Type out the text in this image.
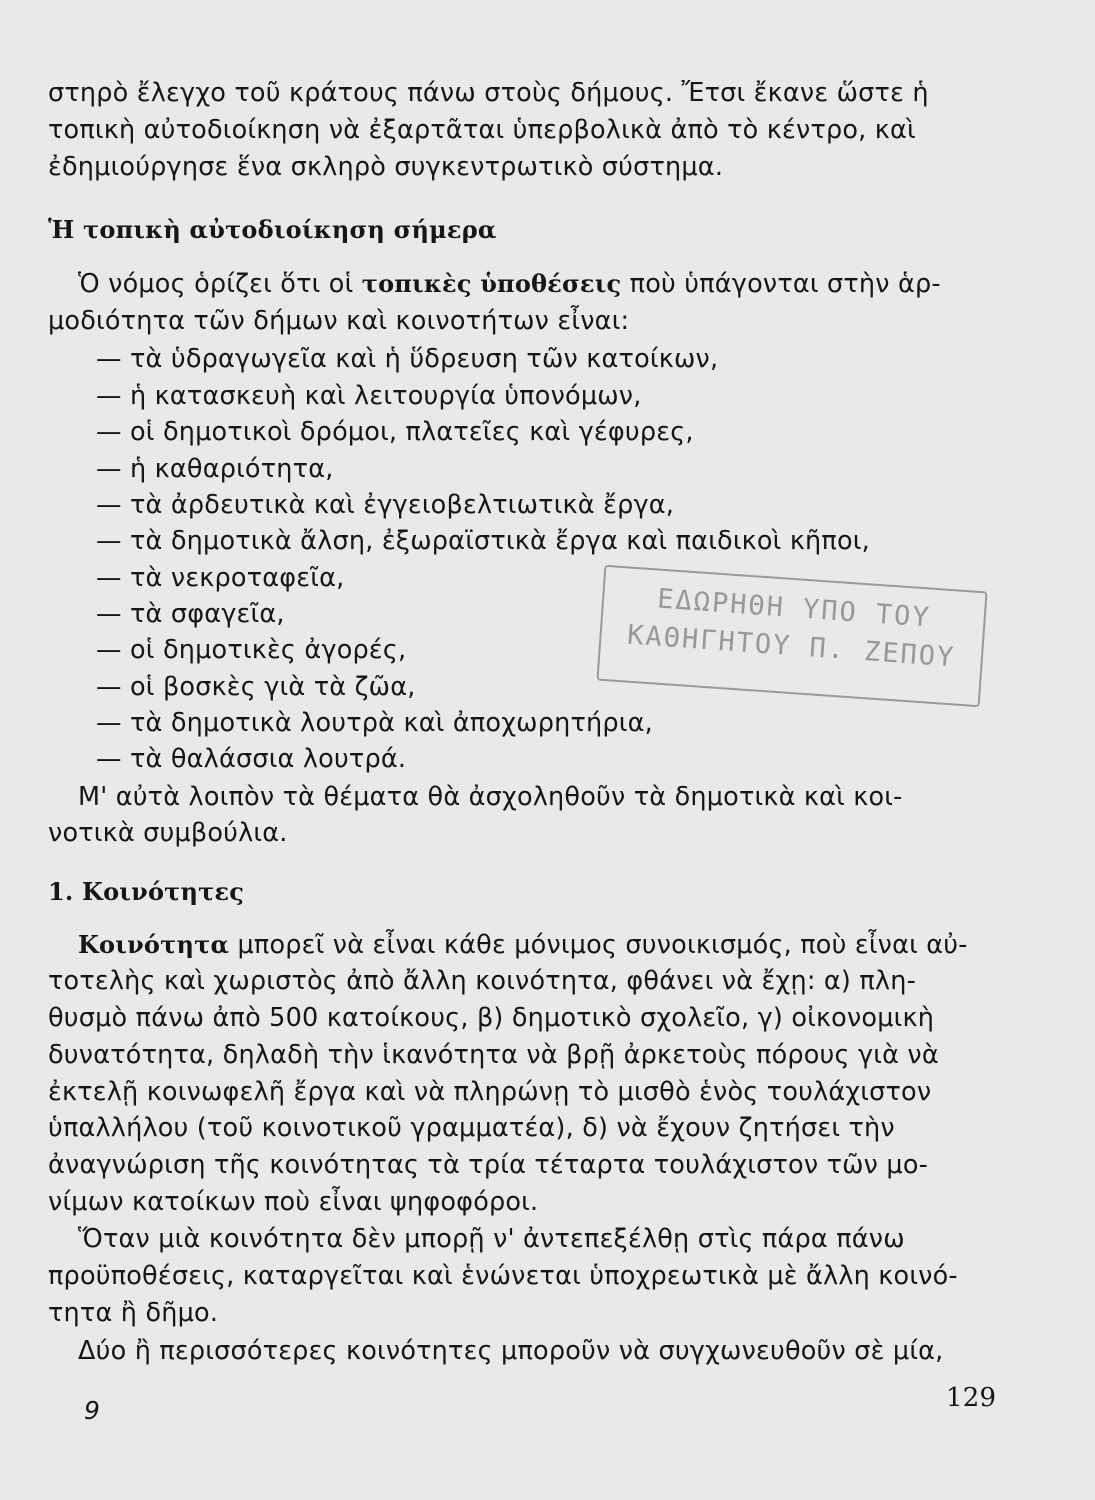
στηρὸ ἔλεγχο τοῦ κράτους πάνω στοὺς δήμους. Ἔτσι ἔκανε ὥστε ἡ
τοπικὴ αὐτοδιοίκηση νὰ ἐξαρτᾶται ὑπερβολικὰ ἀπὸ τὸ κέντρο, καὶ
ἐδημιούργησε ἕνα σκληρὸ συγκεντρωτικὸ σύστημα.
Ἡ τοπικὴ αὐτοδιοίκηση σήμερα
Ὁ νόμος ὁρίζει ὅτι οἱ τοπικὲς ὑποθέσεις ποὺ ὑπάγονται στὴν ἁρ-
μοδιότητα τῶν δήμων καὶ κοινοτήτων εἶναι:
— τὰ ὑδραγωγεῖα καὶ ἡ ὕδρευση τῶν κατοίκων,
— ἡ κατασκευὴ καὶ λειτουργία ὑπονόμων,
— οἱ δημοτικοὶ δρόμοι, πλατεῖες καὶ γέφυρες,
— ἡ καθαριότητα,
— τὰ ἀρδευτικὰ καὶ ἐγγειοβελτιωτικὰ ἔργα,
— τὰ δημοτικὰ ἄλση, ἐξωραϊστικὰ ἔργα καὶ παιδικοὶ κῆποι,
— τὰ νεκροταφεῖα,
— τὰ σφαγεῖα,
— οἱ δημοτικὲς ἀγορές,
— οἱ βοσκὲς γιὰ τὰ ζῶα,
— τὰ δημοτικὰ λουτρὰ καὶ ἀποχωρητήρια,
— τὰ θαλάσσια λουτρά.
Μ' αὐτὰ λοιπὸν τὰ θέματα θὰ ἀσχοληθοῦν τὰ δημοτικὰ καὶ κοι-
νοτικὰ συμβούλια.
1. Κοινότητες
Κοινότητα μπορεῖ νὰ εἶναι κάθε μόνιμος συνοικισμός, ποὺ εἶναι αὐ-
τοτελὴς καὶ χωριστὸς ἀπὸ ἄλλη κοινότητα, φθάνει νὰ ἔχῃ: α) πλη-
θυσμὸ πάνω ἀπὸ 500 κατοίκους, β) δημοτικὸ σχολεῖο, γ) οἰκονομικὴ
δυνατότητα, δηλαδὴ τὴν ἱκανότητα νὰ βρῇ ἀρκετοὺς πόρους γιὰ νὰ
ἐκτελῇ κοινωφελῆ ἔργα καὶ νὰ πληρώνῃ τὸ μισθὸ ἑνὸς τουλάχιστον
ὑπαλλήλου (τοῦ κοινοτικοῦ γραμματέα), δ) νὰ ἔχουν ζητήσει τὴν
ἀναγνώριση τῆς κοινότητας τὰ τρία τέταρτα τουλάχιστον τῶν μο-
νίμων κατοίκων ποὺ εἶναι ψηφοφόροι.
Ὅταν μιὰ κοινότητα δὲν μπορῇ ν' ἀντεπεξέλθῃ στὶς πάρα πάνω
προϋποθέσεις, καταργεῖται καὶ ἑνώνεται ὑποχρεωτικὰ μὲ ἄλλη κοινό-
τητα ἢ δῆμο.
Δύο ἢ περισσότερες κοινότητες μποροῦν νὰ συγχωνευθοῦν σὲ μία,
9	129
ΕΔΩΡΗΘΗ ΥΠΟ ΤΟΥ
ΚΑΘΗΓΗΤΟΥ Π. ΖΕΠΟΥ
